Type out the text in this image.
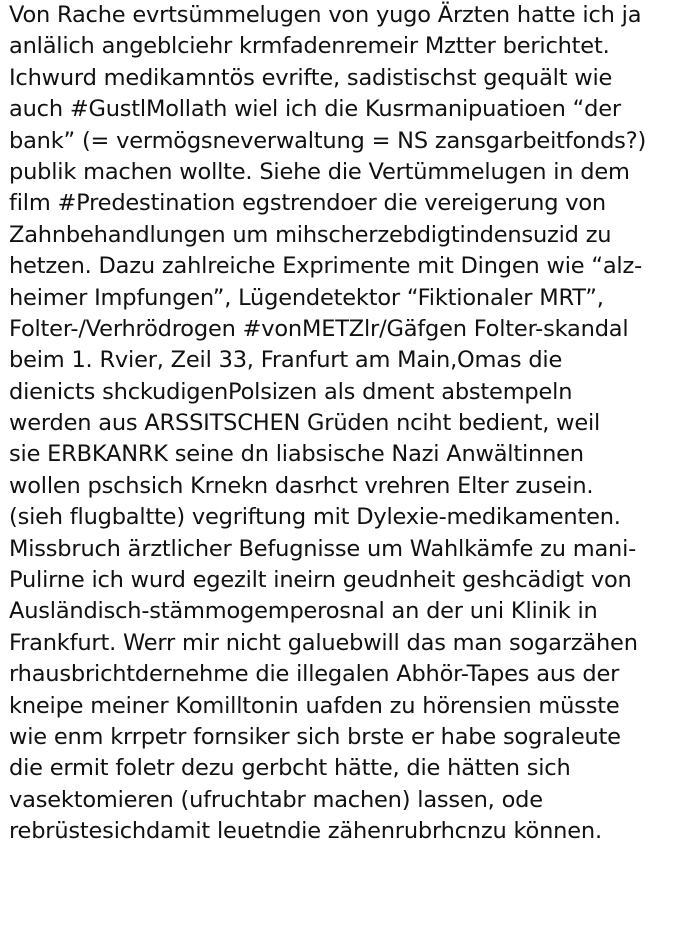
Von Rache evrtsümmelugen von yugo Ärzten hatte ich ja
anlälich angeblciehr krmfadenremeir Mztter berichtet.
Ichwurd medikamntös evrifte, sadistischst gequält wie
auch #GustlMollath wiel ich die Kusrmanipuatioen “der
bank” (= vermögsneverwaltung = NS zansgarbeitfonds?)
publik machen wollte. Siehe die Vertümmelugen in dem
film #Predestination egstrendoer die vereigerung von
Zahnbehandlungen um mihscherzebdigtindensuzid zu
hetzen. Dazu zahlreiche Exprimente mit Dingen wie “alz-
heimer Impfungen”, Lügendetektor “Fiktionaler MRT”,
Folter-/Verhrödrogen #vonMETZlr/Gäfgen Folter-skandal
beim 1. Rvier, Zeil 33, Franfurt am Main,Omas die
dienicts shckudigenPolsizen als dment abstempeln
werden aus ARSSITSCHEN Grüden nciht bedient, weil
sie ERBKANRK seine dn liabsische Nazi Anwältinnen
wollen pschsich Krnekn dasrhct vrehren Elter zusein.
(sieh flugbaltte) vegriftung mit Dylexie-medikamenten.
Missbruch ärztlicher Befugnisse um Wahlkämfe zu mani-
Pulirne ich wurd egezilt ineirn geudnheit geshcädigt von
Ausländisch-stämmogemperosnal an der uni Klinik in
Frankfurt. Werr mir nicht galuebwill das man sogarzähen
rhausbrichtdernehme die illegalen Abhör-Tapes aus der
kneipe meiner Komilltonin uafden zu hörensien müsste
wie enm krrpetr fornsiker sich brste er habe sograleute
die ermit foletr dezu gerbcht hätte, die hätten sich
vasektomieren (ufruchtabr machen) lassen, ode
rebrüstesichdamit leuetndie zähenrubrhcnzu können.
